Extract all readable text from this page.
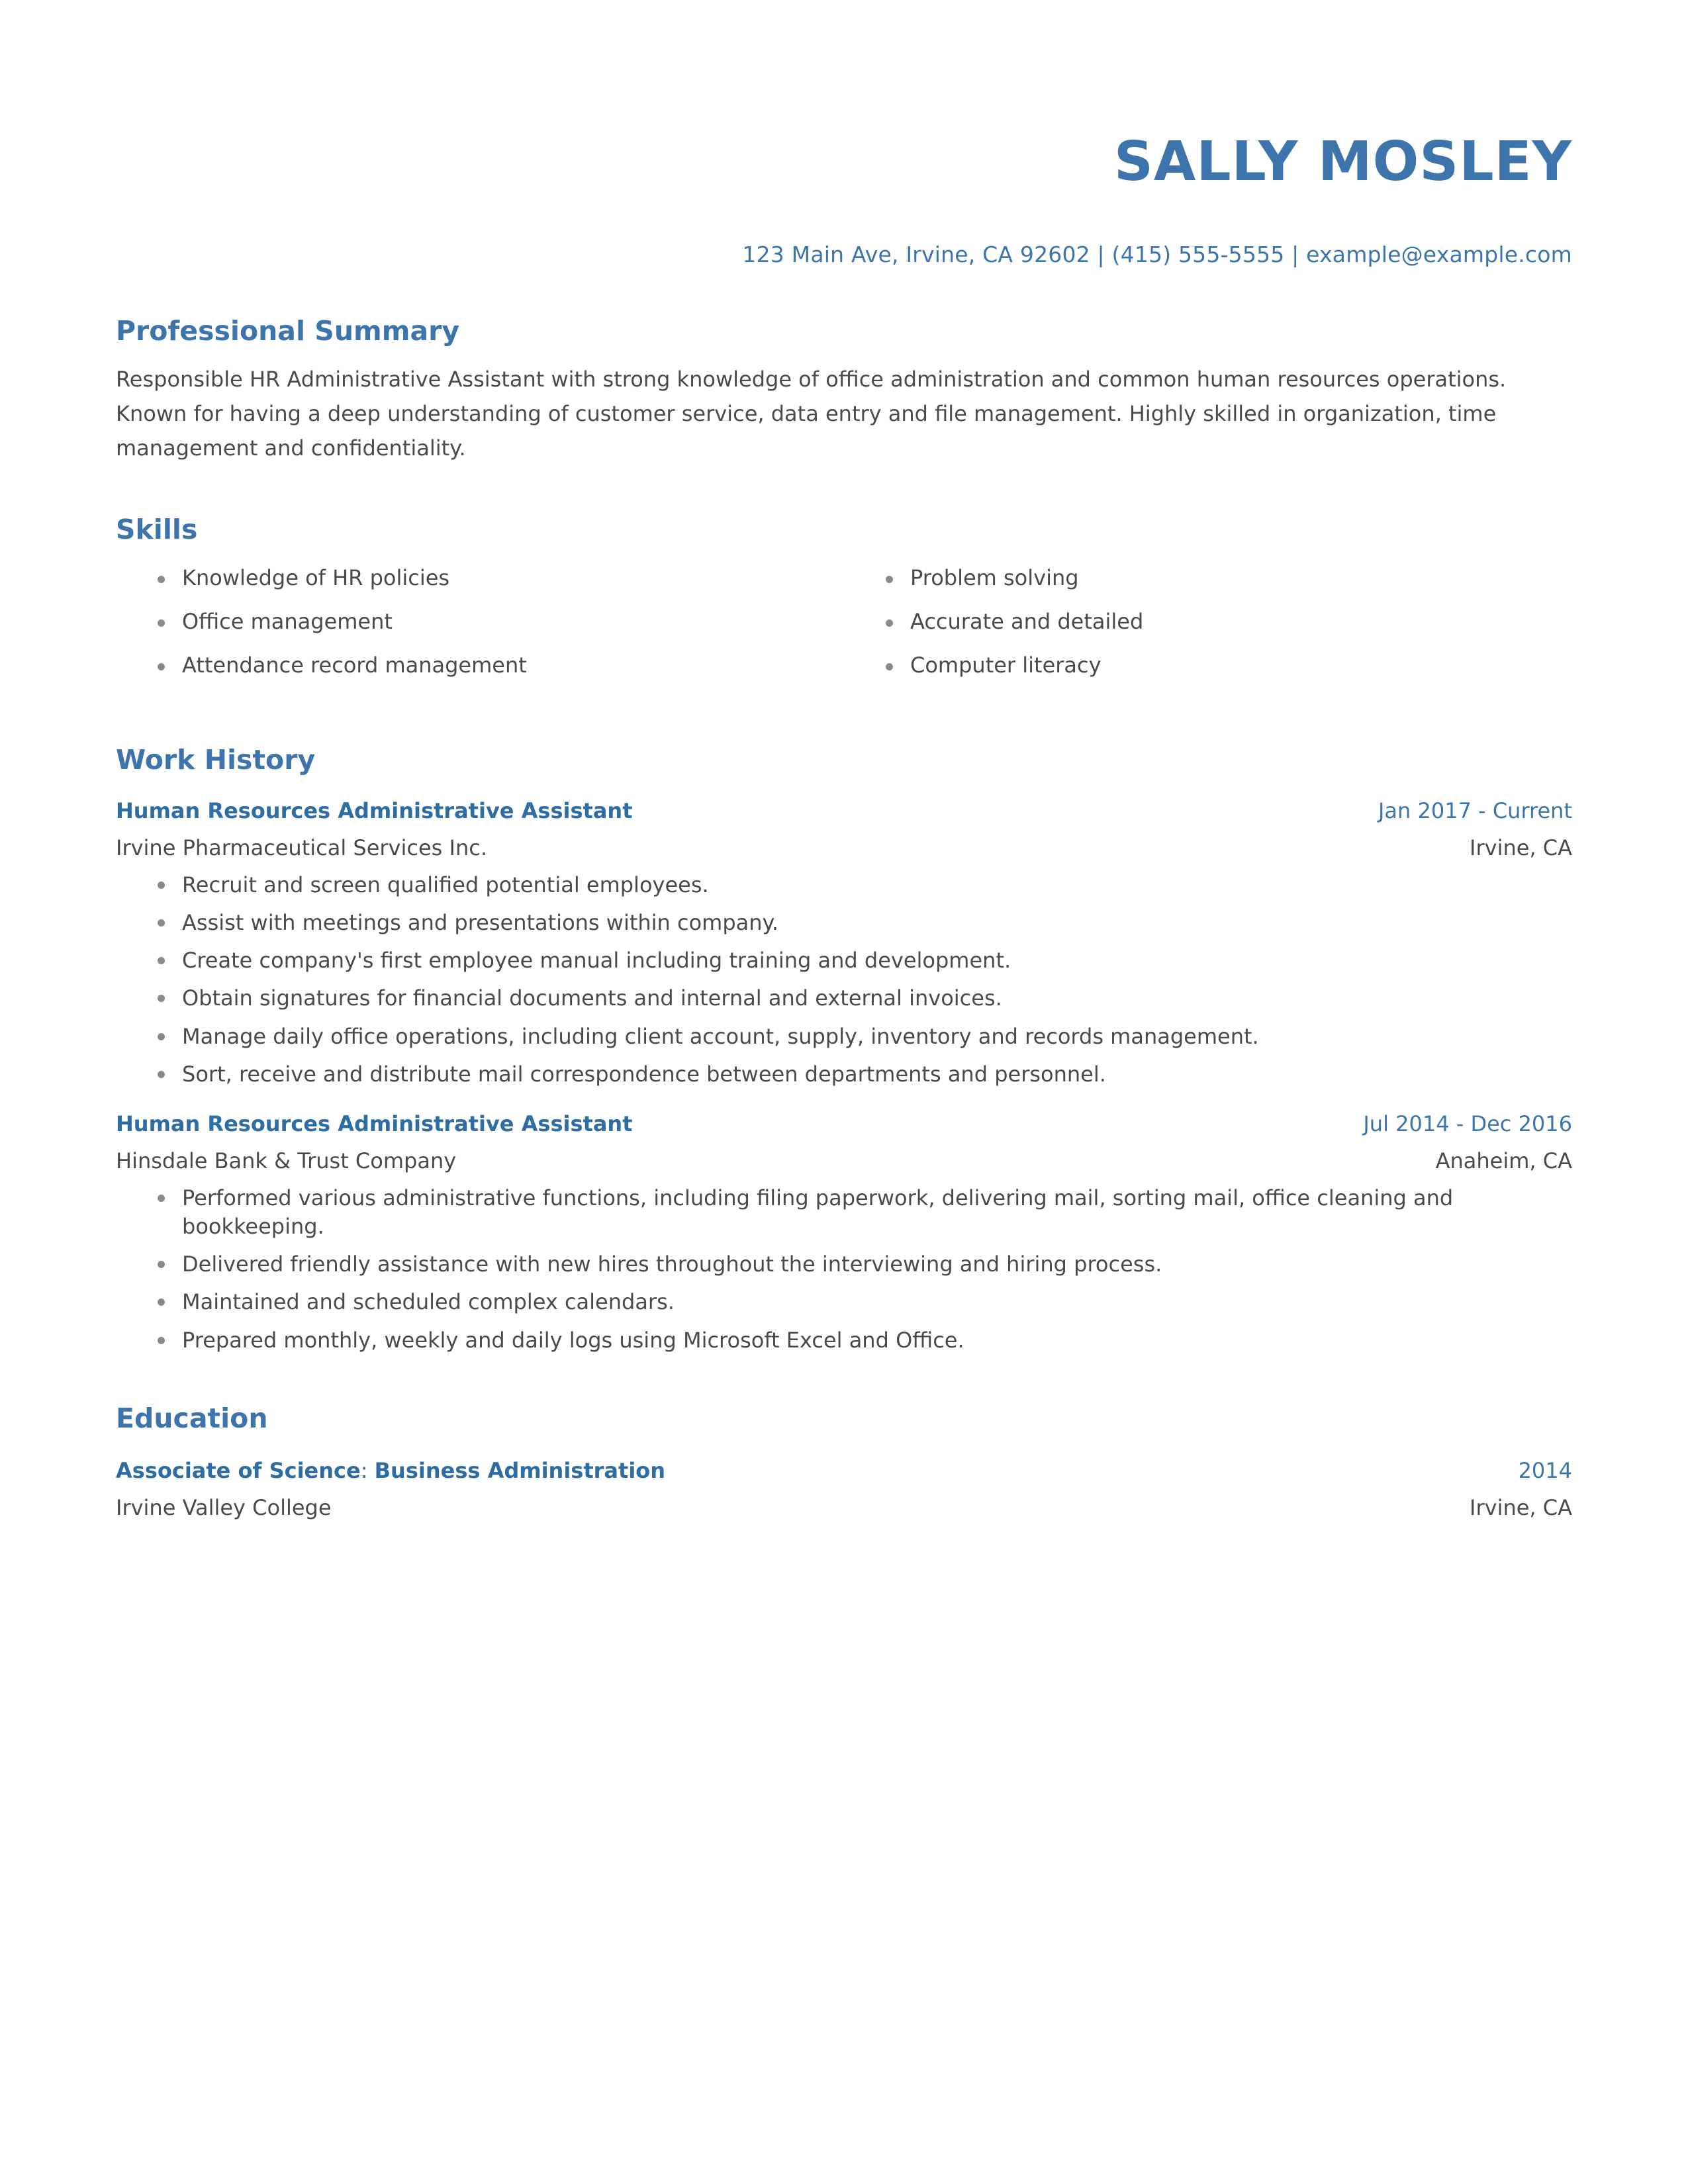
SALLY MOSLEY
123 Main Ave, Irvine, CA 92602 | (415) 555-5555 | example@example.com
Professional Summary
Responsible HR Administrative Assistant with strong knowledge of office administration and common human resources operations. Known for having a deep understanding of customer service, data entry and file management. Highly skilled in organization, time management and confidentiality.
Skills
Knowledge of HR policies
Office management
Attendance record management
Problem solving
Accurate and detailed
Computer literacy
Work History
Human Resources Administrative Assistant	Jan 2017 - Current
Irvine Pharmaceutical Services Inc.	Irvine, CA
Recruit and screen qualified potential employees.
Assist with meetings and presentations within company.
Create company's first employee manual including training and development.
Obtain signatures for financial documents and internal and external invoices.
Manage daily office operations, including client account, supply, inventory and records management.
Sort, receive and distribute mail correspondence between departments and personnel.
Human Resources Administrative Assistant	Jul 2014 - Dec 2016
Hinsdale Bank & Trust Company	Anaheim, CA
Performed various administrative functions, including filing paperwork, delivering mail, sorting mail, office cleaning and bookkeeping.
Delivered friendly assistance with new hires throughout the interviewing and hiring process.
Maintained and scheduled complex calendars.
Prepared monthly, weekly and daily logs using Microsoft Excel and Office.
Education
Associate of Science: Business Administration	2014
Irvine Valley College	Irvine, CA
